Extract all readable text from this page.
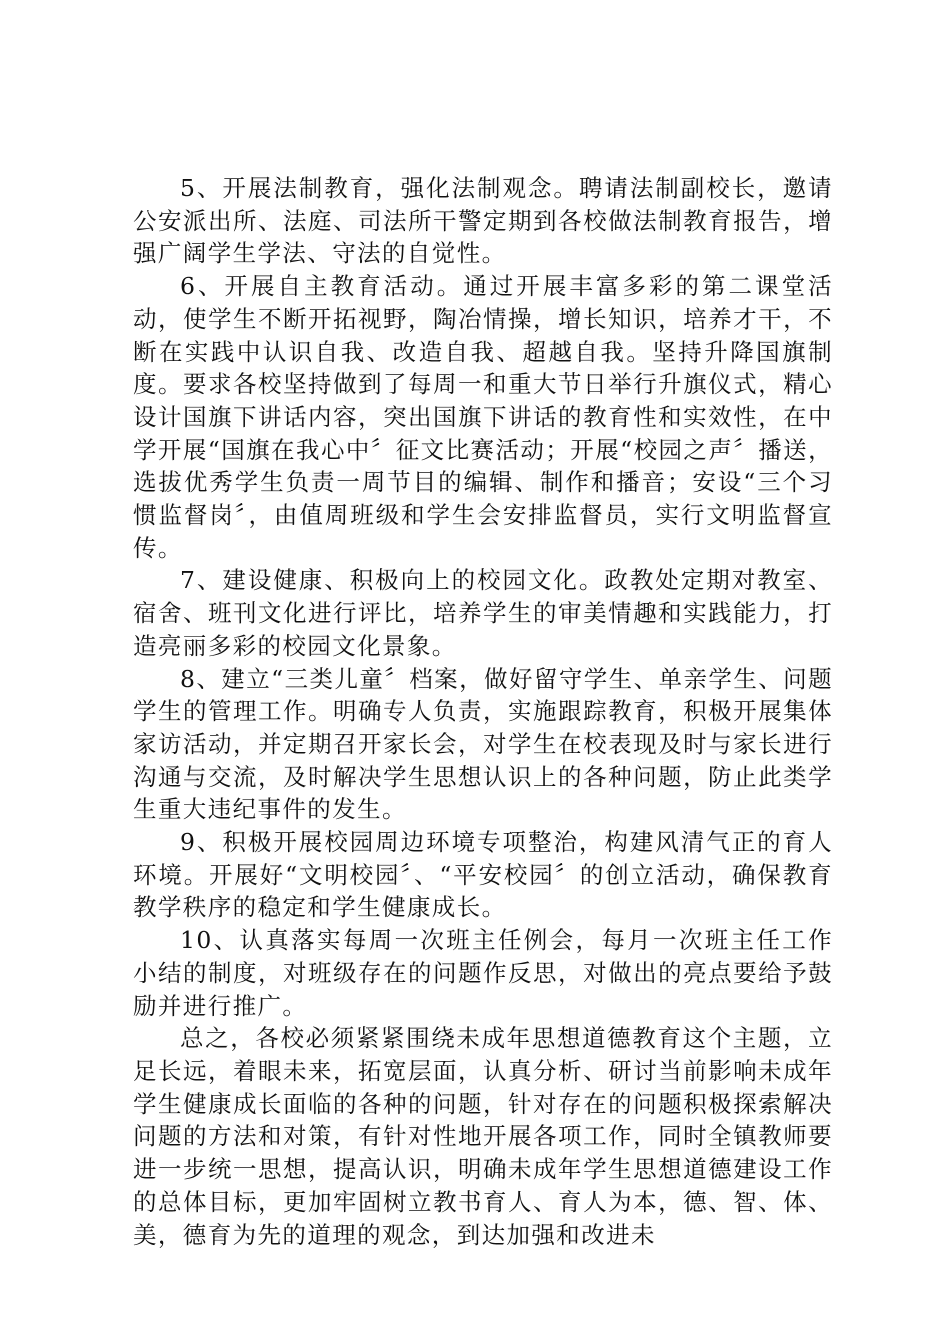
5、开展法制教育，强化法制观念。聘请法制副校长，邀请公安派出所、法庭、司法所干警定期到各校做法制教育报告，增强广阔学生学法、守法的自觉性。

6、开展自主教育活动。通过开展丰富多彩的第二课堂活动，使学生不断开拓视野，陶冶情操，增长知识，培养才干，不断在实践中认识自我、改造自我、超越自我。坚持升降国旗制度。要求各校坚持做到了每周一和重大节日举行升旗仪式，精心设计国旗下讲话内容，突出国旗下讲话的教育性和实效性，在中学开展“国旗在我心中〞征文比赛活动；开展“校园之声〞播送，选拔优秀学生负责一周节目的编辑、制作和播音；安设“三个习惯监督岗〞，由值周班级和学生会安排监督员，实行文明监督宣传。

7、建设健康、积极向上的校园文化。政教处定期对教室、宿舍、班刊文化进行评比，培养学生的审美情趣和实践能力，打造亮丽多彩的校园文化景象。

8、建立“三类儿童〞档案，做好留守学生、单亲学生、问题学生的管理工作。明确专人负责，实施跟踪教育，积极开展集体家访活动，并定期召开家长会，对学生在校表现及时与家长进行沟通与交流，及时解决学生思想认识上的各种问题，防止此类学生重大违纪事件的发生。

9、积极开展校园周边环境专项整治，构建风清气正的育人环境。开展好“文明校园〞、“平安校园〞的创立活动，确保教育教学秩序的稳定和学生健康成长。

10、认真落实每周一次班主任例会，每月一次班主任工作小结的制度，对班级存在的问题作反思，对做出的亮点要给予鼓励并进行推广。

总之，各校必须紧紧围绕未成年思想道德教育这个主题，立足长远，着眼未来，拓宽层面，认真分析、研讨当前影响未成年学生健康成长面临的各种的问题，针对存在的问题积极探索解决问题的方法和对策，有针对性地开展各项工作，同时全镇教师要进一步统一思想，提高认识，明确未成年学生思想道德建设工作的总体目标，更加牢固树立教书育人、育人为本，德、智、体、美，德育为先的道理的观念，到达加强和改进未
